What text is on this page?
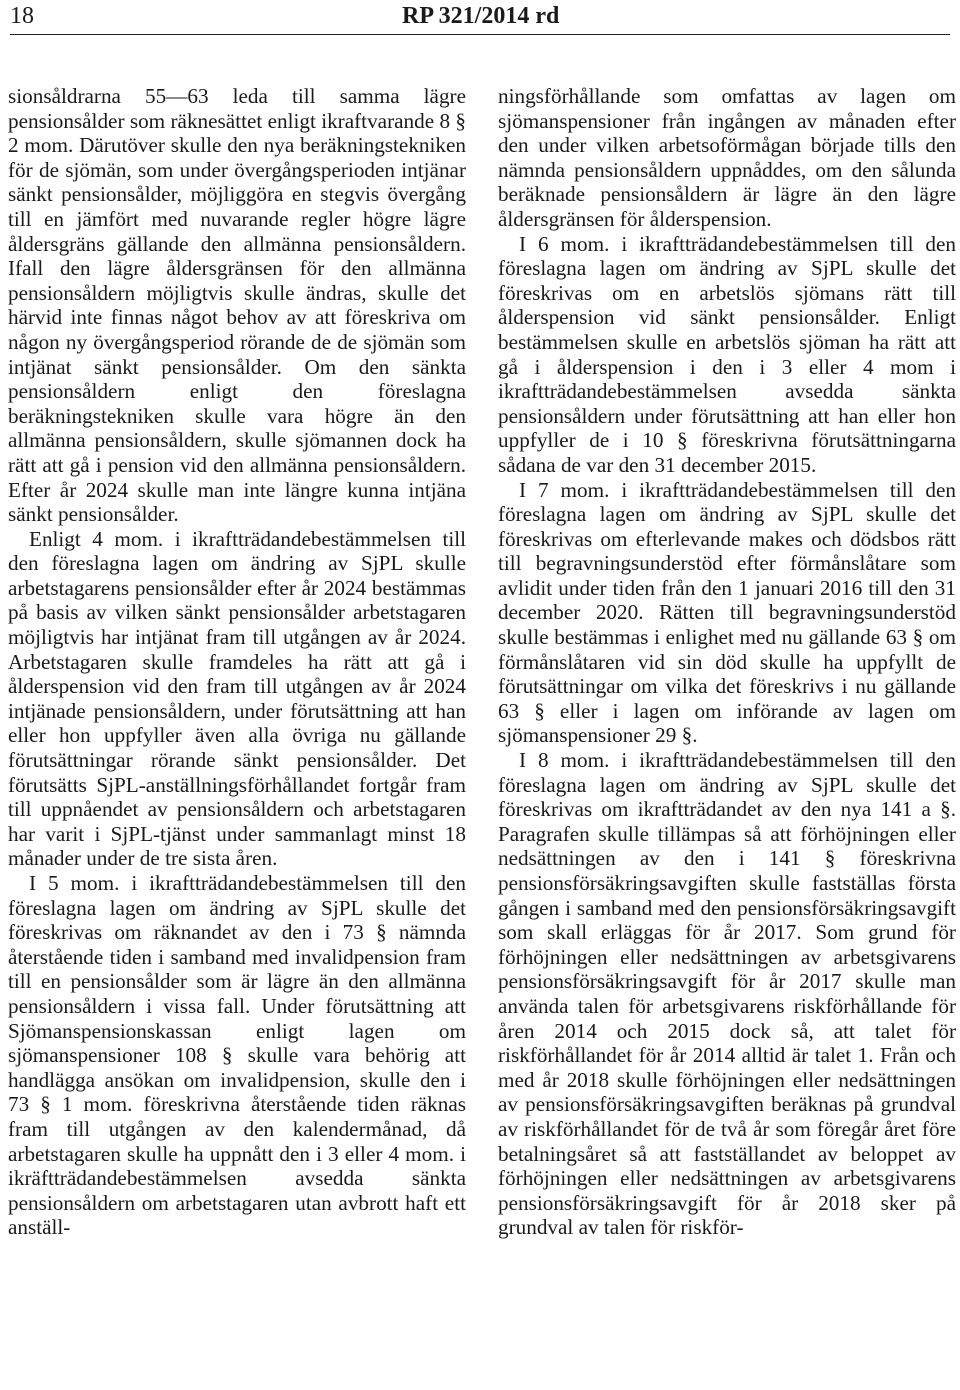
18	RP 321/2014 rd

sionsåldrarna 55—63 leda till samma lägre pensionsålder som räknesättet enligt ikraftvarande 8 § 2 mom. Därutöver skulle den nya beräkningstekniken för de sjömän, som under övergångsperioden intjänar sänkt pensionsålder, möjliggöra en stegvis övergång till en jämfört med nuvarande regler högre lägre åldersgräns gällande den allmänna pensionsåldern. Ifall den lägre åldersgränsen för den allmänna pensionsåldern möjligtvis skulle ändras, skulle det härvid inte finnas något behov av att föreskriva om någon ny övergångsperiod rörande de de sjömän som intjänat sänkt pensionsålder. Om den sänkta pensionsåldern enligt den föreslagna beräkningstekniken skulle vara högre än den allmänna pensionsåldern, skulle sjömannen dock ha rätt att gå i pension vid den allmänna pensionsåldern. Efter år 2024 skulle man inte längre kunna intjäna sänkt pensionsålder.

Enligt 4 mom. i ikraftträdandebestämmelsen till den föreslagna lagen om ändring av SjPL skulle arbetstagarens pensionsålder efter år 2024 bestämmas på basis av vilken sänkt pensionsålder arbetstagaren möjligtvis har intjänat fram till utgången av år 2024. Arbetstagaren skulle framdeles ha rätt att gå i ålderspension vid den fram till utgången av år 2024 intjänade pensionsåldern, under förutsättning att han eller hon uppfyller även alla övriga nu gällande förutsättningar rörande sänkt pensionsålder. Det förutsätts SjPL-anställningsförhållandet fortgår fram till uppnåendet av pensionsåldern och arbetstagaren har varit i SjPL-tjänst under sammanlagt minst 18 månader under de tre sista åren.

I 5 mom. i ikraftträdandebestämmelsen till den föreslagna lagen om ändring av SjPL skulle det föreskrivas om räknandet av den i 73 § nämnda återstående tiden i samband med invalidpension fram till en pensionsålder som är lägre än den allmänna pensionsåldern i vissa fall. Under förutsättning att Sjömanspensionskassan enligt lagen om sjömanspensioner 108 § skulle vara behörig att handlägga ansökan om invalidpension, skulle den i 73 § 1 mom. föreskrivna återstående tiden räknas fram till utgången av den kalendermånad, då arbetstagaren skulle ha uppnått den i 3 eller 4 mom. i ikräftträdandebestämmelsen avsedda sänkta pensionsåldern om arbetstagaren utan avbrott haft ett anställ-

ningsförhållande som omfattas av lagen om sjömanspensioner från ingången av månaden efter den under vilken arbetsoförmågan började tills den nämnda pensionsåldern uppnåddes, om den sålunda beräknade pensionsåldern är lägre än den lägre åldersgränsen för ålderspension.

I 6 mom. i ikraftträdandebestämmelsen till den föreslagna lagen om ändring av SjPL skulle det föreskrivas om en arbetslös sjömans rätt till ålderspension vid sänkt pensionsålder. Enligt bestämmelsen skulle en arbetslös sjöman ha rätt att gå i ålderspension i den i 3 eller 4 mom i ikraftträdandebestämmelsen avsedda sänkta pensionsåldern under förutsättning att han eller hon uppfyller de i 10 § föreskrivna förutsättningarna sådana de var den 31 december 2015.

I 7 mom. i ikraftträdandebestämmelsen till den föreslagna lagen om ändring av SjPL skulle det föreskrivas om efterlevande makes och dödsbos rätt till begravningsunderstöd efter förmånslåtare som avlidit under tiden från den 1 januari 2016 till den 31 december 2020. Rätten till begravningsunderstöd skulle bestämmas i enlighet med nu gällande 63 § om förmånslåtaren vid sin död skulle ha uppfyllt de förutsättningar om vilka det föreskrivs i nu gällande 63 § eller i lagen om införande av lagen om sjömanspensioner 29 §.

I 8 mom. i ikraftträdandebestämmelsen till den föreslagna lagen om ändring av SjPL skulle det föreskrivas om ikraftträdandet av den nya 141 a §. Paragrafen skulle tillämpas så att förhöjningen eller nedsättningen av den i 141 § föreskrivna pensionsförsäkringsavgiften skulle fastställas första gången i samband med den pensionsförsäkringsavgift som skall erläggas för år 2017. Som grund för förhöjningen eller nedsättningen av arbetsgivarens pensionsförsäkringsavgift för år 2017 skulle man använda talen för arbetsgivarens riskförhållande för åren 2014 och 2015 dock så, att talet för riskförhållandet för år 2014 alltid är talet 1. Från och med år 2018 skulle förhöjningen eller nedsättningen av pensionsförsäkringsavgiften beräknas på grundval av riskförhållandet för de två år som föregår året före betalningsåret så att fastställandet av beloppet av förhöjningen eller nedsättningen av arbetsgivarens pensionsförsäkringsavgift för år 2018 sker på grundval av talen för riskför-
